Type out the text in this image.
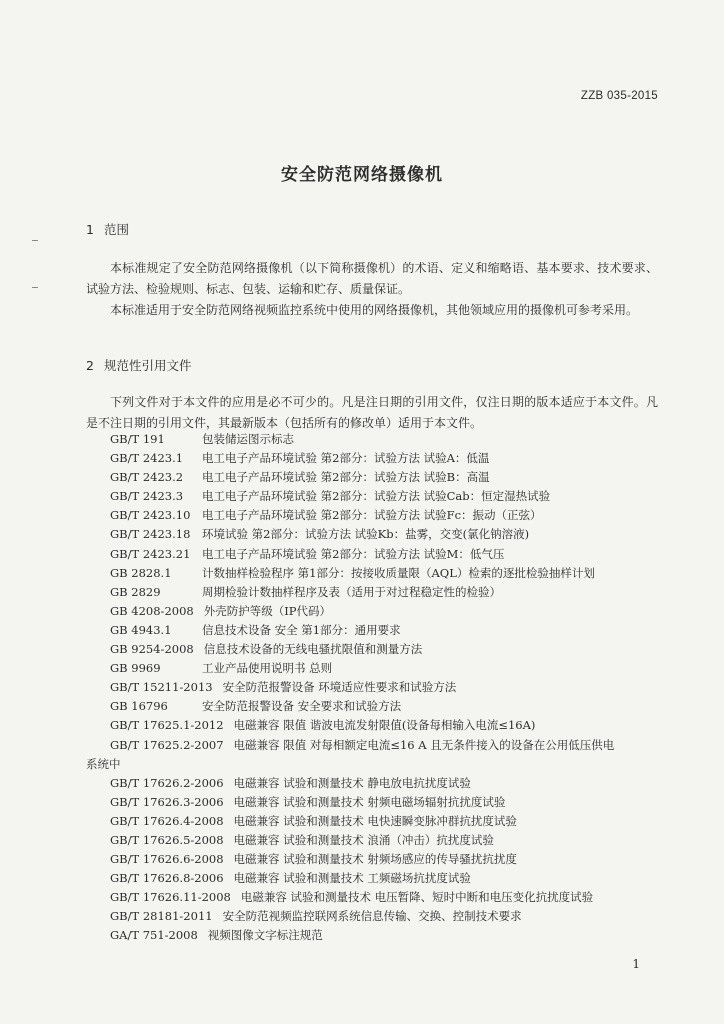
ZZB 035-2015
安全防范网络摄像机
1 范围
本标准规定了安全防范网络摄像机（以下简称摄像机）的术语、定义和缩略语、基本要求、技术要求、试验方法、检验规则、标志、包装、运输和贮存、质量保证。
本标准适用于安全防范网络视频监控系统中使用的网络摄像机，其他领域应用的摄像机可参考采用。
2 规范性引用文件
下列文件对于本文件的应用是必不可少的。凡是注日期的引用文件，仅注日期的版本适应于本文件。凡是不注日期的引用文件，其最新版本（包括所有的修改单）适用于本文件。
GB/T 191	包装储运图示标志
GB/T 2423.1 电工电子产品环境试验 第2部分：试验方法 试验A：低温
GB/T 2423.2 电工电子产品环境试验 第2部分：试验方法 试验B：高温
GB/T 2423.3 电工电子产品环境试验 第2部分：试验方法 试验Cab：恒定湿热试验
GB/T 2423.10 电工电子产品环境试验 第2部分：试验方法 试验Fc：振动（正弦）
GB/T 2423.18 环境试验 第2部分：试验方法 试验Kb：盐雾，交变(氯化钠溶液)
GB/T 2423.21 电工电子产品环境试验 第2部分：试验方法 试验M：低气压
GB 2828.1	计数抽样检验程序 第1部分：按接收质量限（AQL）检索的逐批检验抽样计划
GB 2829	周期检验计数抽样程序及表（适用于对过程稳定性的检验）
GB 4208-2008 外壳防护等级（IP代码）
GB 4943.1	信息技术设备 安全 第1部分：通用要求
GB 9254-2008 信息技术设备的无线电骚扰限值和测量方法
GB 9969	工业产品使用说明书 总则
GB/T 15211-2013 安全防范报警设备 环境适应性要求和试验方法
GB 16796	安全防范报警设备 安全要求和试验方法
GB/T 17625.1-2012 电磁兼容 限值 谐波电流发射限值(设备每相输入电流≤16A)
GB/T 17625.2-2007 电磁兼容 限值 对每相额定电流≤16 A 且无条件接入的设备在公用低压供电
系统中
GB/T 17626.2-2006 电磁兼容 试验和测量技术 静电放电抗扰度试验
GB/T 17626.3-2006 电磁兼容 试验和测量技术 射频电磁场辐射抗扰度试验
GB/T 17626.4-2008 电磁兼容 试验和测量技术 电快速瞬变脉冲群抗扰度试验
GB/T 17626.5-2008 电磁兼容 试验和测量技术 浪涌（冲击）抗扰度试验
GB/T 17626.6-2008 电磁兼容 试验和测量技术 射频场感应的传导骚扰抗扰度
GB/T 17626.8-2006 电磁兼容 试验和测量技术 工频磁场抗扰度试验
GB/T 17626.11-2008 电磁兼容 试验和测量技术 电压暂降、短时中断和电压变化抗扰度试验
GB/T 28181-2011 安全防范视频监控联网系统信息传输、交换、控制技术要求
GA/T 751-2008 视频图像文字标注规范
1
